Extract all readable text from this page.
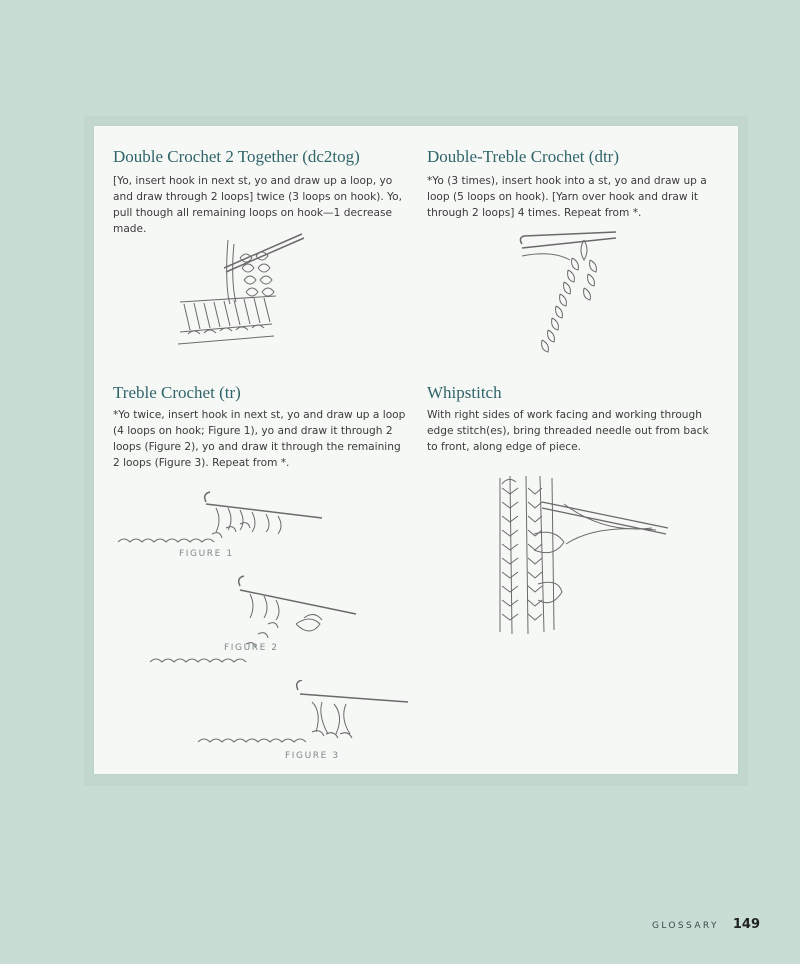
Double Crochet 2 Together (dc2tog)

[Yo, insert hook in next st, yo and draw up a loop, yo and draw through 2 loops] twice (3 loops on hook). Yo, pull though all remaining loops on hook—1 decrease made.

Double-Treble Crochet (dtr)

*Yo (3 times), insert hook into a st, yo and draw up a loop (5 loops on hook). [Yarn over hook and draw it through 2 loops] 4 times. Repeat from *.

Treble Crochet (tr)

*Yo twice, insert hook in next st, yo and draw up a loop (4 loops on hook; Figure 1), yo and draw it through 2 loops (Figure 2), yo and draw it through the remaining 2 loops (Figure 3). Repeat from *.

FIGURE 1
FIGURE 2
FIGURE 3
Whipstitch

With right sides of work facing and working through edge stitch(es), bring threaded needle out from back to front, along edge of piece.

GLOSSARY 149
